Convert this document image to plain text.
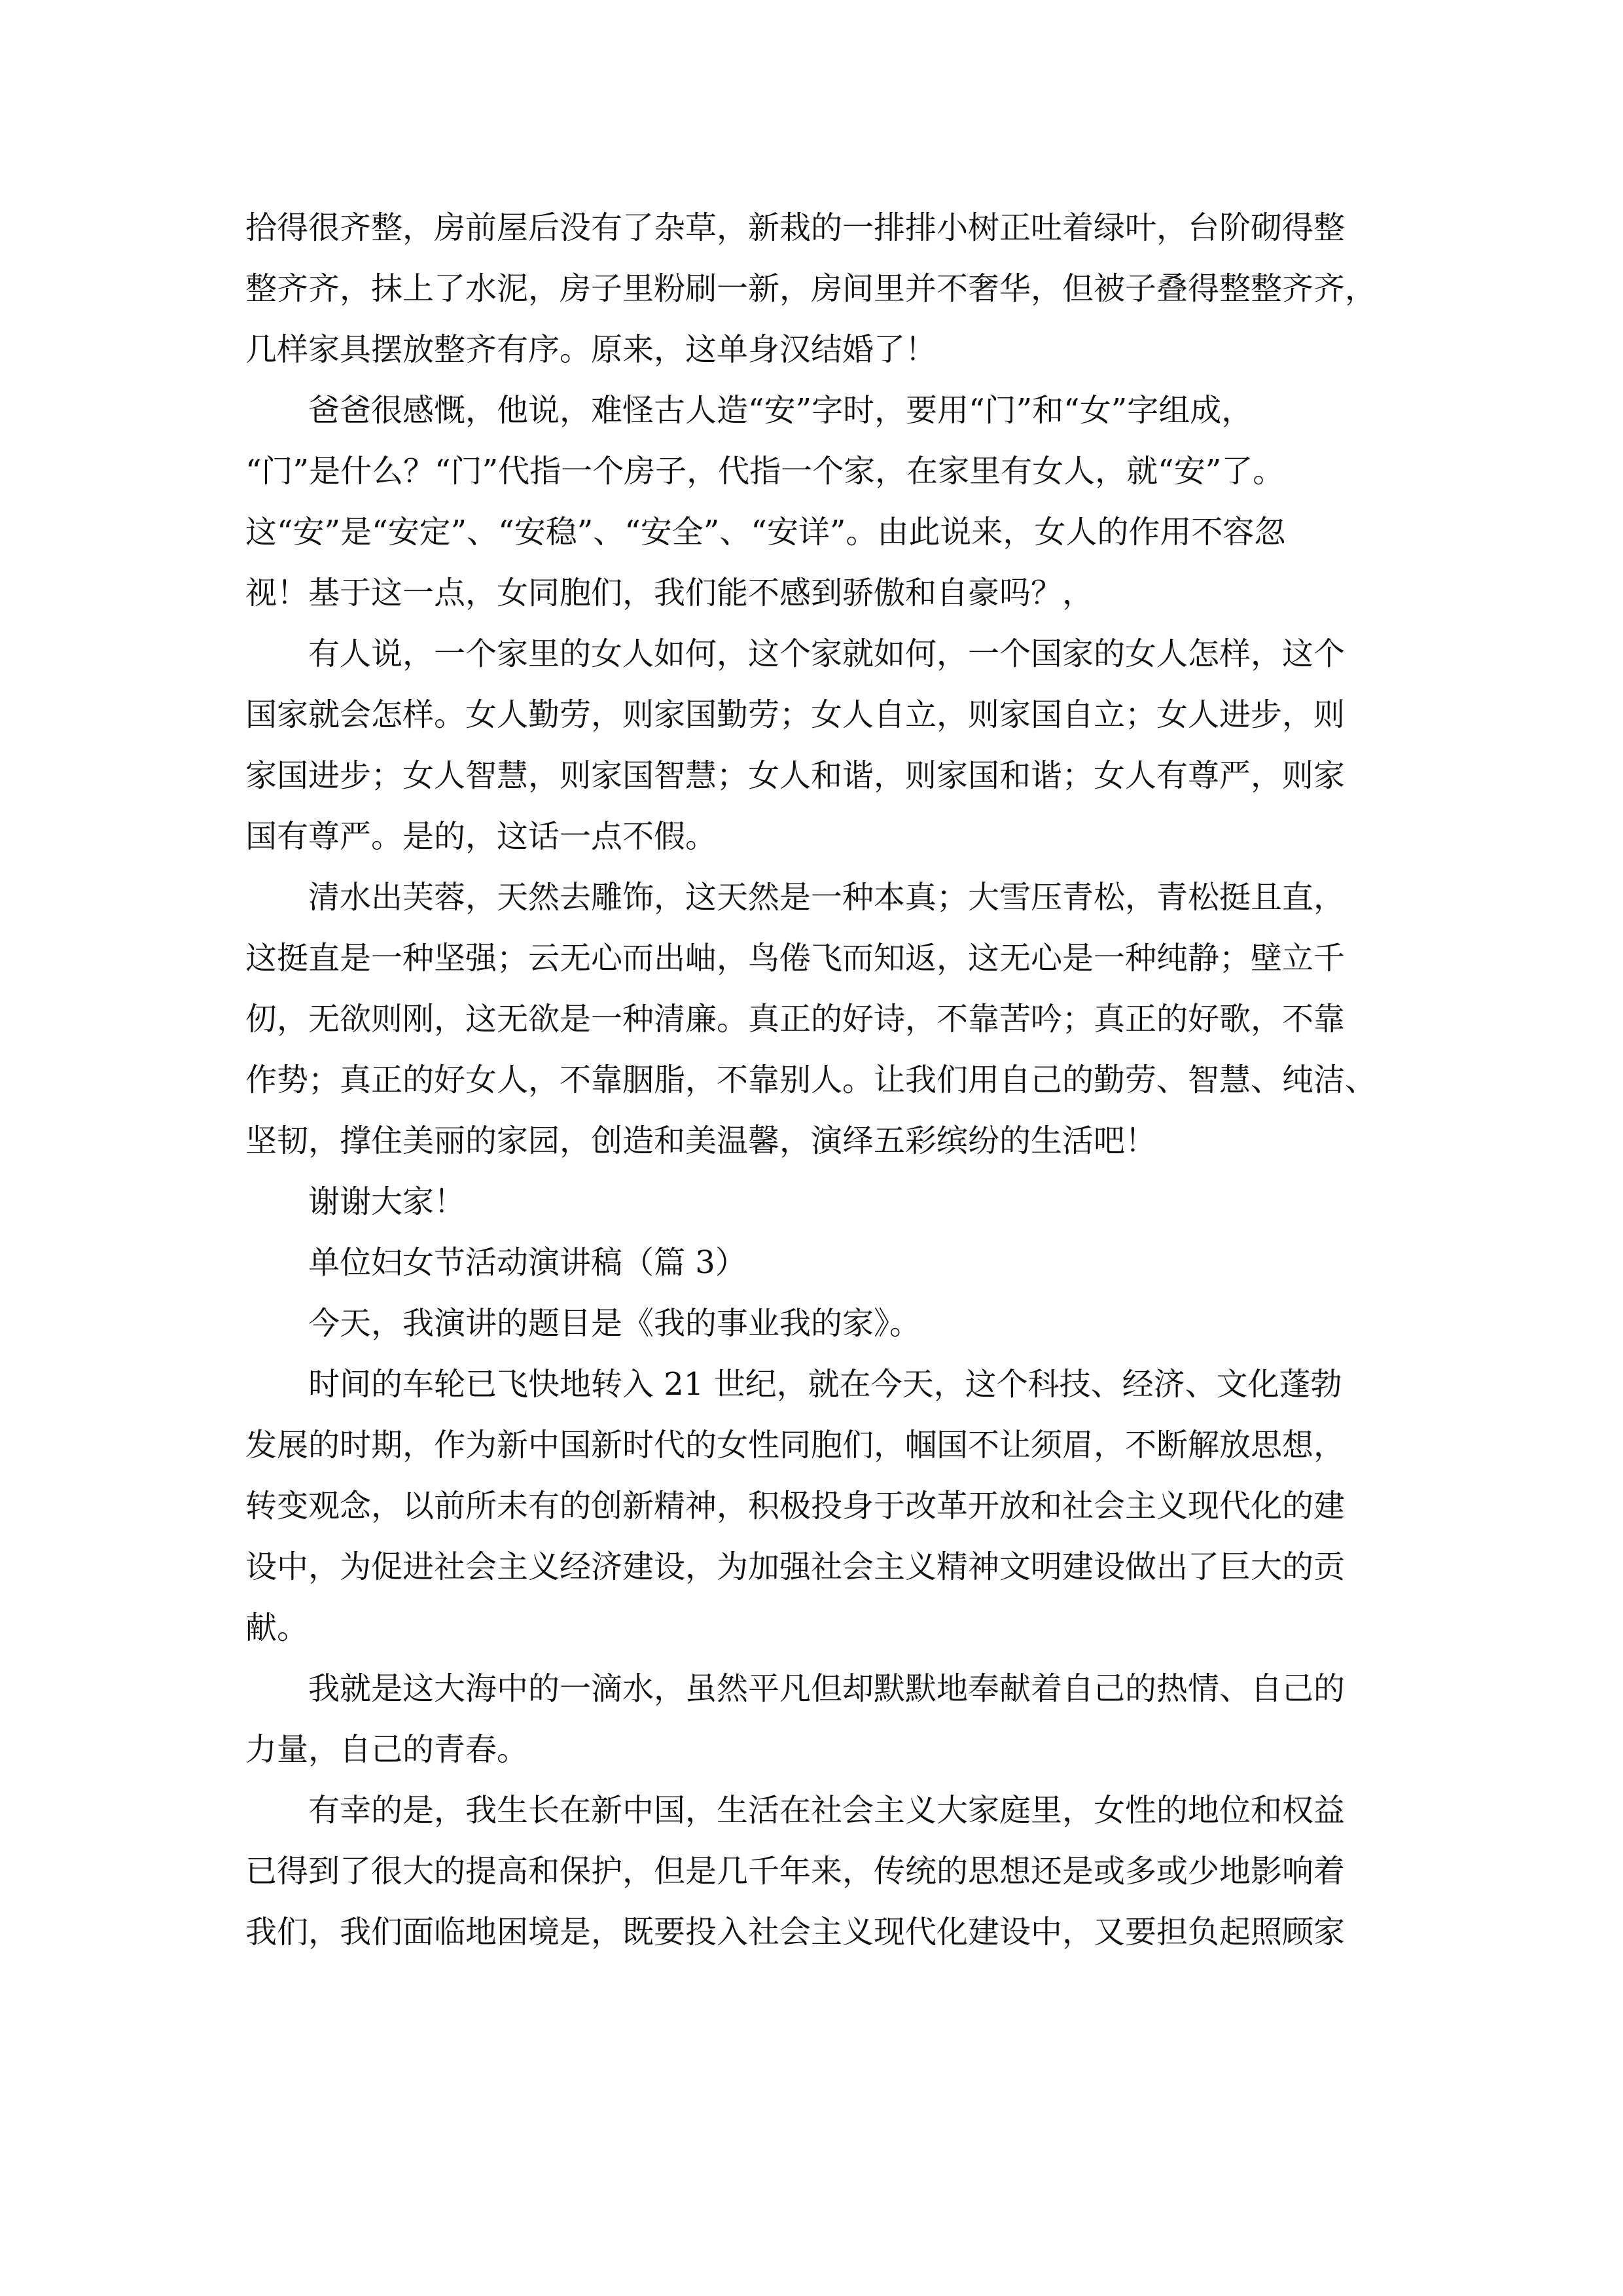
拾得很齐整，房前屋后没有了杂草，新栽的一排排小树正吐着绿叶，台阶砌得整
整齐齐，抹上了水泥，房子里粉刷一新，房间里并不奢华，但被子叠得整整齐齐，
几样家具摆放整齐有序。原来，这单身汉结婚了！
爸爸很感慨，他说，难怪古人造“安”字时，要用“门”和“女”字组成，
“门”是什么？“门”代指一个房子，代指一个家，在家里有女人，就“安”了。
这“安”是“安定”、“安稳”、“安全”、“安详”。由此说来，女人的作用不容忽
视！基于这一点，女同胞们，我们能不感到骄傲和自豪吗？，
有人说，一个家里的女人如何，这个家就如何，一个国家的女人怎样，这个
国家就会怎样。女人勤劳，则家国勤劳；女人自立，则家国自立；女人进步，则
家国进步；女人智慧，则家国智慧；女人和谐，则家国和谐；女人有尊严，则家
国有尊严。是的，这话一点不假。
清水出芙蓉，天然去雕饰，这天然是一种本真；大雪压青松，青松挺且直，
这挺直是一种坚强；云无心而出岫，鸟倦飞而知返，这无心是一种纯静；壁立千
仞，无欲则刚，这无欲是一种清廉。真正的好诗，不靠苦吟；真正的好歌，不靠
作势；真正的好女人，不靠胭脂，不靠别人。让我们用自己的勤劳、智慧、纯洁、
坚韧，撑住美丽的家园，创造和美温馨，演绎五彩缤纷的生活吧！
谢谢大家！
单位妇女节活动演讲稿（篇 3）
今天，我演讲的题目是《我的事业我的家》。
时间的车轮已飞快地转入 21 世纪，就在今天，这个科技、经济、文化蓬勃
发展的时期，作为新中国新时代的女性同胞们，帼国不让须眉，不断解放思想，
转变观念，以前所未有的创新精神，积极投身于改革开放和社会主义现代化的建
设中，为促进社会主义经济建设，为加强社会主义精神文明建设做出了巨大的贡
献。
我就是这大海中的一滴水，虽然平凡但却默默地奉献着自己的热情、自己的
力量，自己的青春。
有幸的是，我生长在新中国，生活在社会主义大家庭里，女性的地位和权益
已得到了很大的提高和保护，但是几千年来，传统的思想还是或多或少地影响着
我们，我们面临地困境是，既要投入社会主义现代化建设中，又要担负起照顾家
